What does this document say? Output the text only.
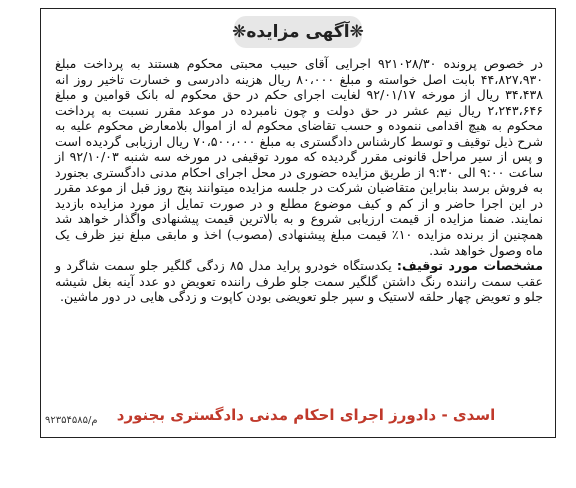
❋آگهی مزایده❋

در خصوص پرونده ۹۲۱۰۲۸/۳۰ اجرایی آقای حبیب محبتی محکوم هستند به پرداخت مبلغ ۴۴،۸۲۷،۹۳۰ بابت اصل خواسته و مبلغ ۸۰،۰۰۰ ریال هزینه دادرسی و خسارت تاخیر روز انه ۳۴،۴۳۸ ریال از مورخه ۹۲/۰۱/۱۷ لغایت اجرای حکم در حق محکوم له بانک قوامین و مبلغ ۲،۲۴۳،۶۴۶ ریال نیم عشر در حق دولت و چون نامبرده در موعد مقرر نسبت به پرداخت محکوم به هیچ اقدامی ننموده و حسب تقاضای محکوم له از اموال بلامعارض محکوم علیه به شرح ذیل توقیف و توسط کارشناس دادگستری به مبلغ ۷۰،۵۰۰،۰۰۰ ریال ارزیابی گردیده است و پس از سیر مراحل قانونی مقرر گردیده که مورد توقیفی در مورخه سه شنبه ۹۲/۱۰/۰۳ از ساعت ۹:۰۰ الی ۹:۳۰ از طریق مزایده حضوری در محل اجرای احکام مدنی دادگستری بجنورد به فروش برسد بنابراین متقاضیان شرکت در جلسه مزایده میتوانند پنج روز قبل از موعد مقرر در این اجرا حاضر و از کم و کیف موضوع مطلع و در صورت تمایل از مورد مزایده بازدید نمایند. ضمنا مزایده از قیمت ارزیابی شروع و به بالاترین قیمت پیشنهادی واگذار خواهد شد همچنین از برنده مزایده ۱۰٪ قیمت مبلغ پیشنهادی (مصوب) اخذ و مابقی مبلغ نیز ظرف یک ماه وصول خواهد شد.

مشخصات مورد توقیف: یکدستگاه خودرو پراید مدل ۸۵ زدگی گلگیر جلو سمت شاگرد و عقب سمت راننده رنگ داشتن گلگیر سمت جلو طرف راننده تعویض دو عدد آینه بغل شیشه جلو و تعویض چهار حلقه لاستیک و سپر جلو تعویضی بودن کاپوت و زدگی هایی در دور ماشین.

اسدی - دادورز اجرای احکام مدنی دادگستری بجنورد
م/۹۲۳۵۴۵۸۵
